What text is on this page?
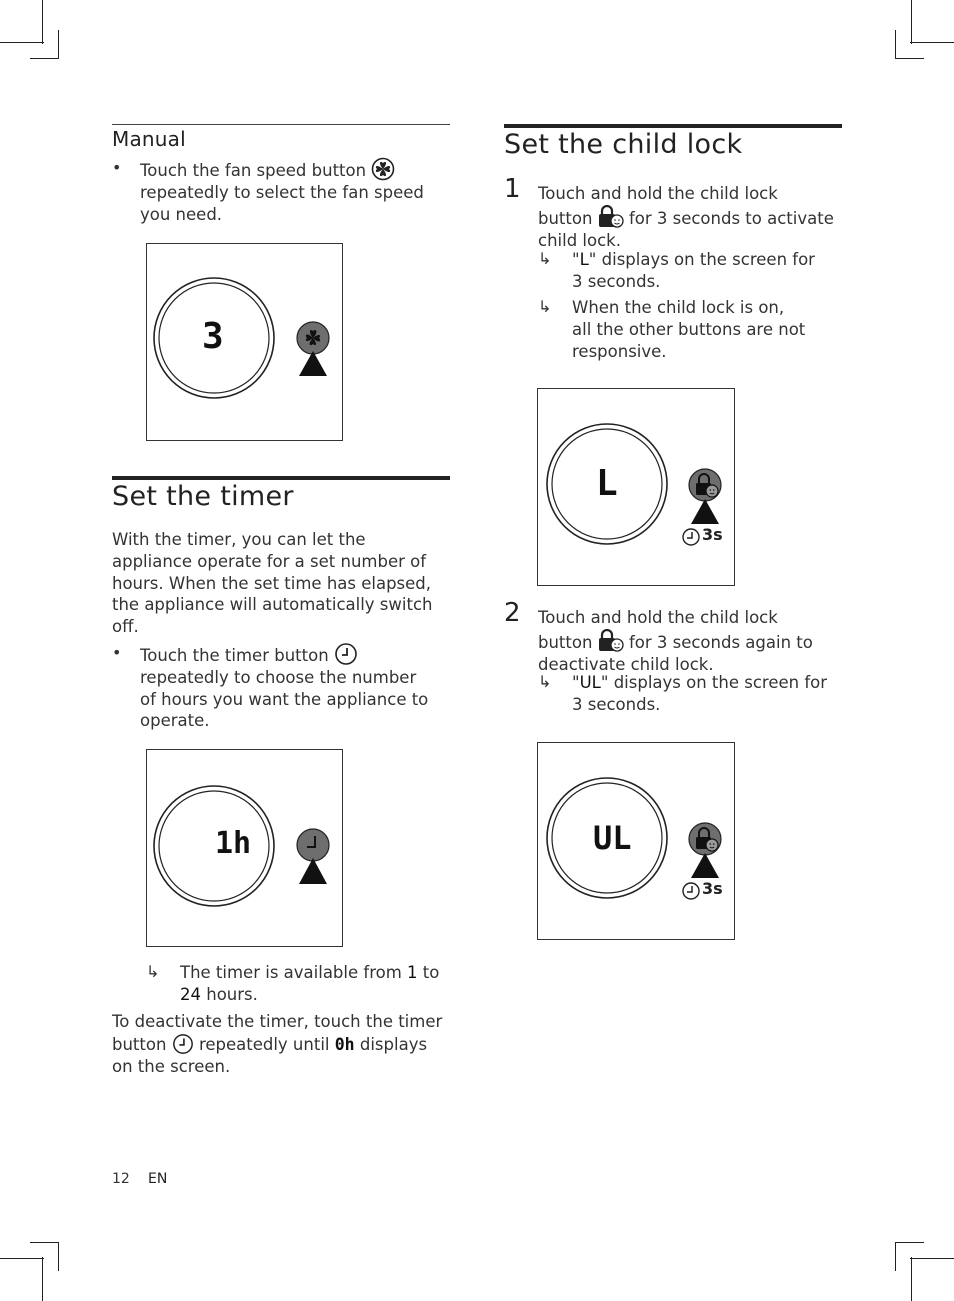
Manual
• Touch the fan speed button
repeatedly to select the fan speed
you need.
3
Set the timer
With the timer, you can let the
appliance operate for a set number of
hours. When the set time has elapsed,
the appliance will automatically switch
off.
• Touch the timer button
repeatedly to choose the number
of hours you want the appliance to
operate.
1h
↳ The timer is available from 1 to
24 hours.
To deactivate the timer, touch the timer
button repeatedly until 0h displays
on the screen.
12 EN
Set the child lock
1 Touch and hold the child lock
button for 3 seconds to activate
child lock.
↳ "L" displays on the screen for
3 seconds.
↳ When the child lock is on,
all the other buttons are not
responsive.
L
3s
2 Touch and hold the child lock
button for 3 seconds again to
deactivate child lock.
↳ "UL" displays on the screen for
3 seconds.
UL
3s
